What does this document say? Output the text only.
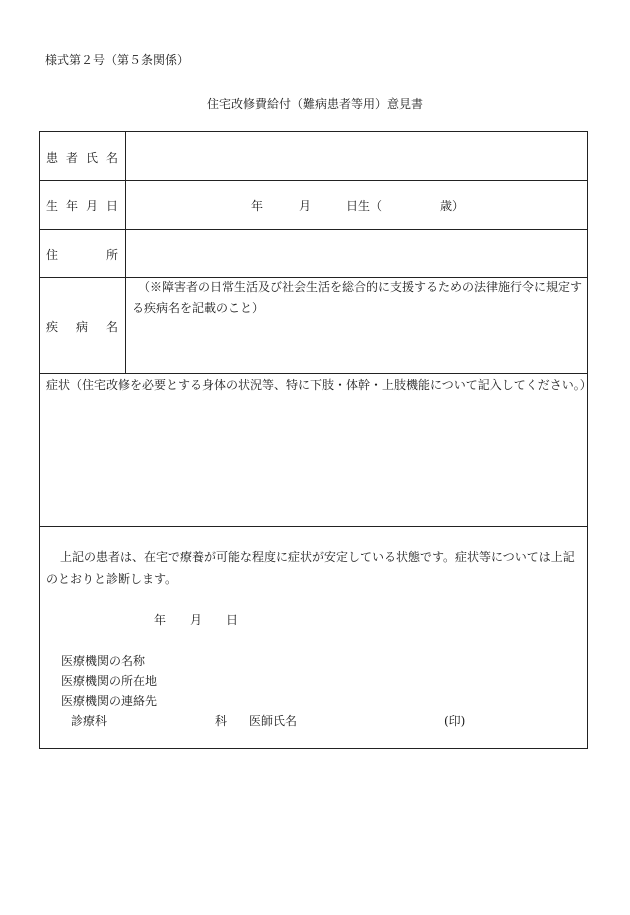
様式第２号（第５条関係）
住宅改修費給付（難病患者等用）意見書
患 者 氏 名
生 年 月 日	年	月	日生（	歳）
住	所
疾 病 名
（※障害者の日常生活及び社会生活を総合的に支援するための法律施行令に規定する疾病名を記載のこと）
症状（住宅改修を必要とする身体の状況等、特に下肢・体幹・上肢機能について記入してください。）
上記の患者は、在宅で療養が可能な程度に症状が安定している状態です。症状等については上記のとおりと診断します。
年 月 日
医療機関の名称
医療機関の所在地
医療機関の連絡先
診療科	科 医師氏名	(印)
